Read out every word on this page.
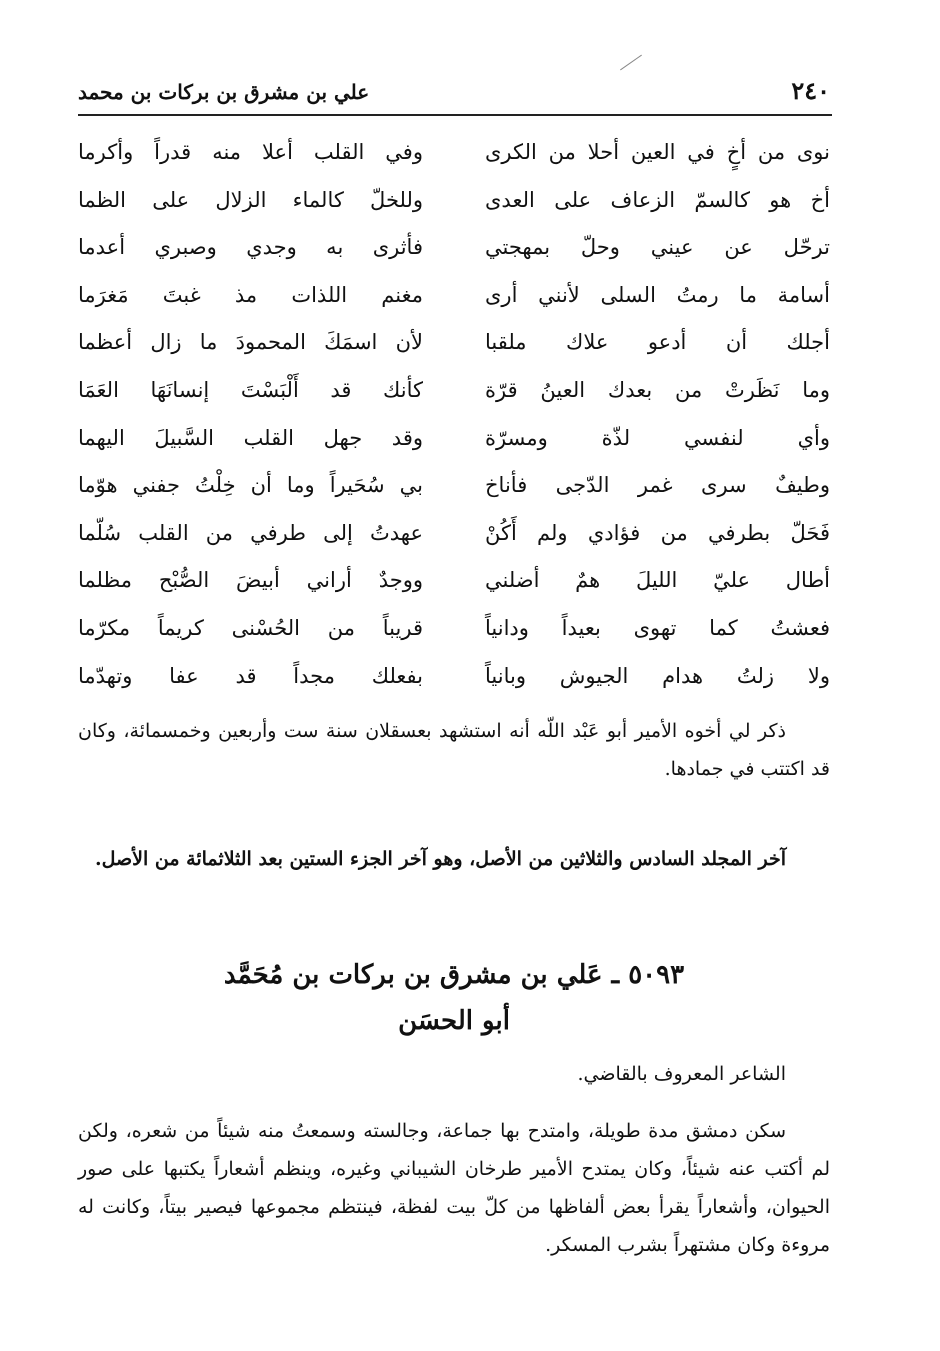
٢٤٠
علي بن مشرق بن بركات بن محمد
نوى من أخٍ في العين أحلا من الكرى
وفي القلب أعلا منه قدراً وأكرما
أخ هو كالسمّ الزعاف على العدى
وللخلّ كالماء الزلال على الظما
ترحّل عن عيني وحلّ بمهجتي
فأثرى به وجدي وصبري أعدما
أسامة ما رمتُ السلى لأنني أرى
مغنم اللذات مذ غبتَ مَغرَما
أجلك أن أدعو علاك ملقبا
لأن اسمَكَ المحمودَ ما زال أعظما
وما نَظَرتْ من بعدك العينُ قرّة
كأنك قد أَلْبَسْتَ إنسانَهَا العَمَا
وأي لنفسي لذّة ومسرّة
وقد جهل القلب السَّبيلَ اليهما
وطيفٌ سرى غمر الدّجى فأناخ
بي سُحَيراً وما أن خِلْتُ جفني هوّما
فَحَلّ بطرفي من فؤادي ولم أَكُنْ
عهدتُ إلى طرفي من القلب سُلّما
أطال عليّ الليلَ همٌ أضلني
ووجدٌ أراني أبيضَ الصُّبْح مظلما
فعشتُ كما تهوى بعيداً ودانياً
قريباً من الحُسْنى كريماً مكرّما
ولا زلتُ هدام الجيوش وبانياً
بفعلك مجداً قد عفا وتهدّما
ذكر لي أخوه الأمير أبو عَبْد اللّه أنه استشهد بعسقلان سنة ست وأربعين وخمسمائة، وكان قد اكتتب في جمادها.
آخر المجلد السادس والثلاثين من الأصل، وهو آخر الجزء الستين بعد الثلاثمائة من الأصل.
٥٠٩٣ ـ عَلي بن مشرق بن بركات بن مُحَمَّد
أبو الحسَن
الشاعر المعروف بالقاضي.
سكن دمشق مدة طويلة، وامتدح بها جماعة، وجالسته وسمعتُ منه شيئاً من شعره، ولكن لم أكتب عنه شيئاً، وكان يمتدح الأمير طرخان الشيباني وغيره، وينظم أشعاراً يكتبها على صور الحيوان، وأشعاراً يقرأ بعض ألفاظها من كلّ بيت لفظة، فينتظم مجموعها فيصير بيتاً، وكانت له مروءة وكان مشتهراً بشرب المسكر.
